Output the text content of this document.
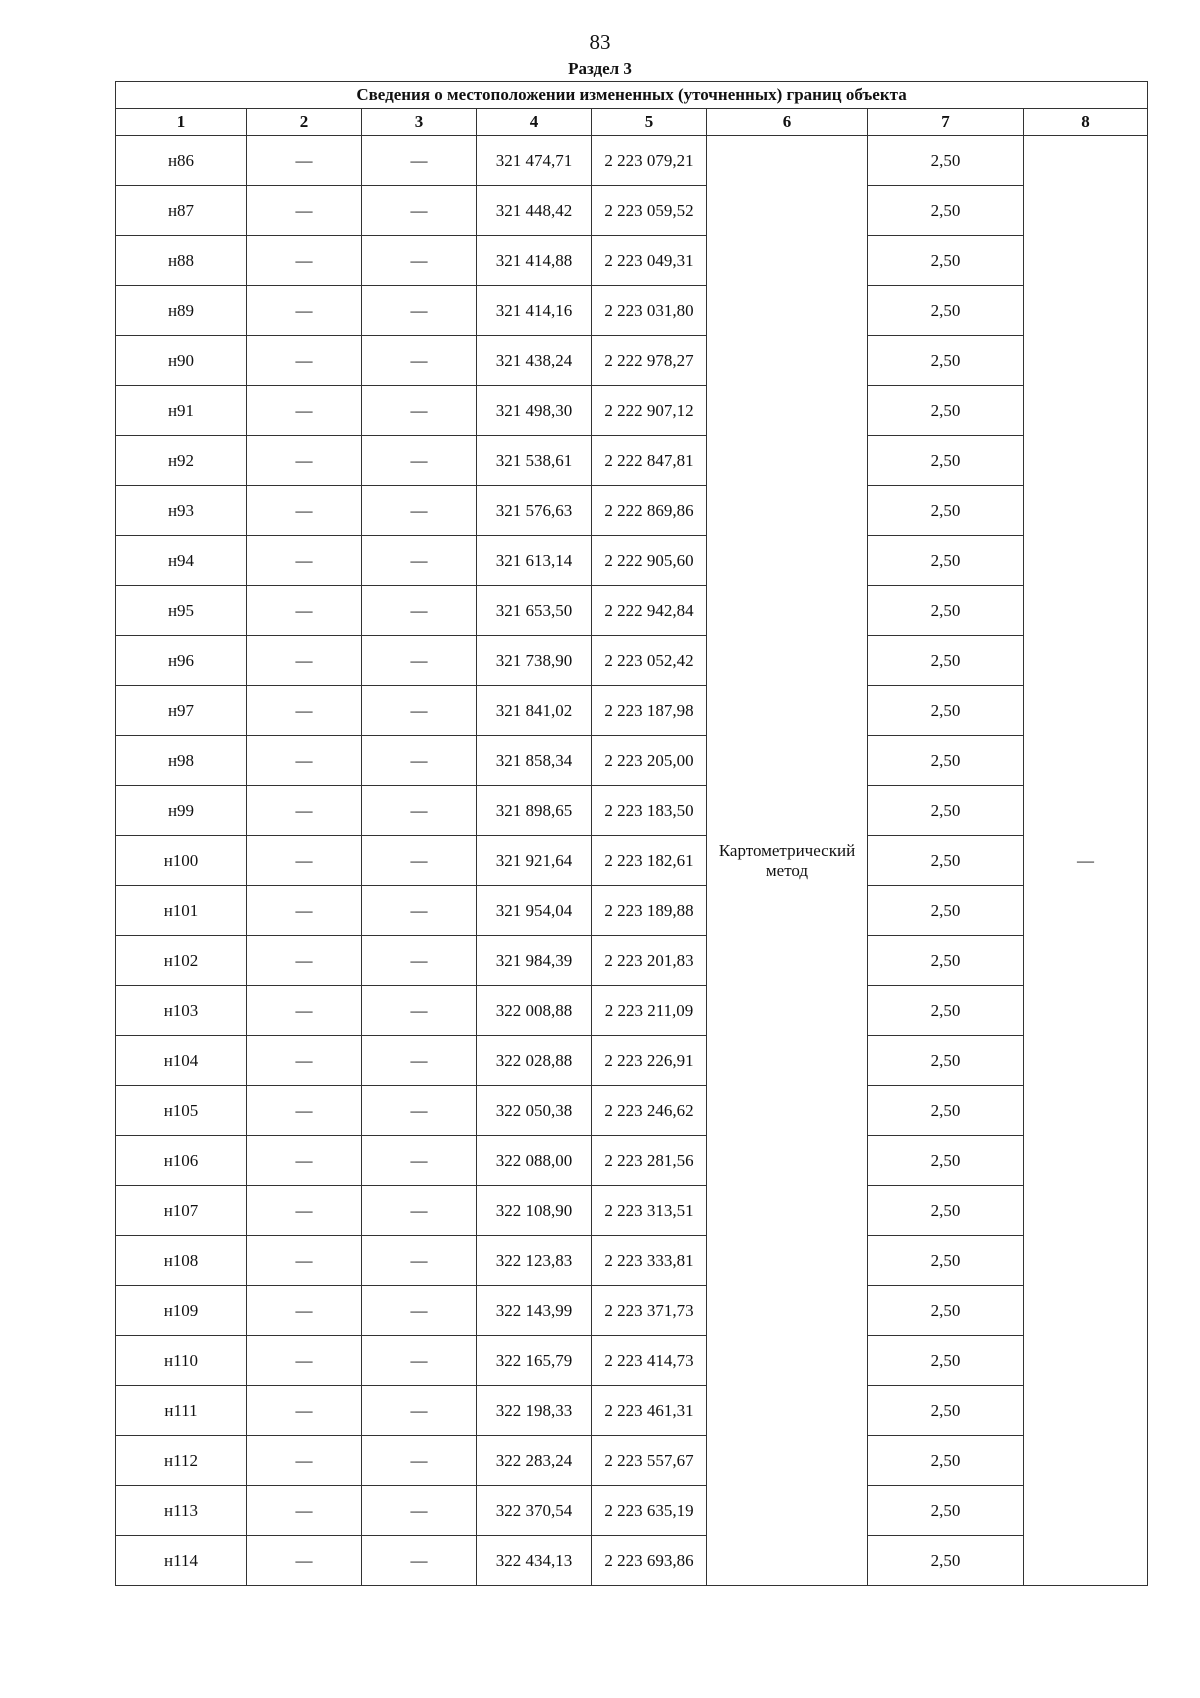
83
Раздел 3
Сведения о местоположении измененных (уточненных) границ объекта							
1	2	3	4	5	6	7	8
н86	—	—	321 474,71	2 223 079,21	Картометрический метод	2,50	—
н87	—	—	321 448,42	2 223 059,52		2,50	
н88	—	—	321 414,88	2 223 049,31		2,50	
н89	—	—	321 414,16	2 223 031,80		2,50	
н90	—	—	321 438,24	2 222 978,27		2,50	
н91	—	—	321 498,30	2 222 907,12		2,50	
н92	—	—	321 538,61	2 222 847,81		2,50	
н93	—	—	321 576,63	2 222 869,86		2,50	
н94	—	—	321 613,14	2 222 905,60		2,50	
н95	—	—	321 653,50	2 222 942,84		2,50	
н96	—	—	321 738,90	2 223 052,42		2,50	
н97	—	—	321 841,02	2 223 187,98		2,50	
н98	—	—	321 858,34	2 223 205,00		2,50	
н99	—	—	321 898,65	2 223 183,50		2,50	
н100	—	—	321 921,64	2 223 182,61		2,50	
н101	—	—	321 954,04	2 223 189,88		2,50	
н102	—	—	321 984,39	2 223 201,83		2,50	
н103	—	—	322 008,88	2 223 211,09		2,50	
н104	—	—	322 028,88	2 223 226,91		2,50	
н105	—	—	322 050,38	2 223 246,62		2,50	
н106	—	—	322 088,00	2 223 281,56		2,50	
н107	—	—	322 108,90	2 223 313,51		2,50	
н108	—	—	322 123,83	2 223 333,81		2,50	
н109	—	—	322 143,99	2 223 371,73		2,50	
н110	—	—	322 165,79	2 223 414,73		2,50	
н111	—	—	322 198,33	2 223 461,31		2,50	
н112	—	—	322 283,24	2 223 557,67		2,50	
н113	—	—	322 370,54	2 223 635,19		2,50	
н114	—	—	322 434,13	2 223 693,86		2,50	
